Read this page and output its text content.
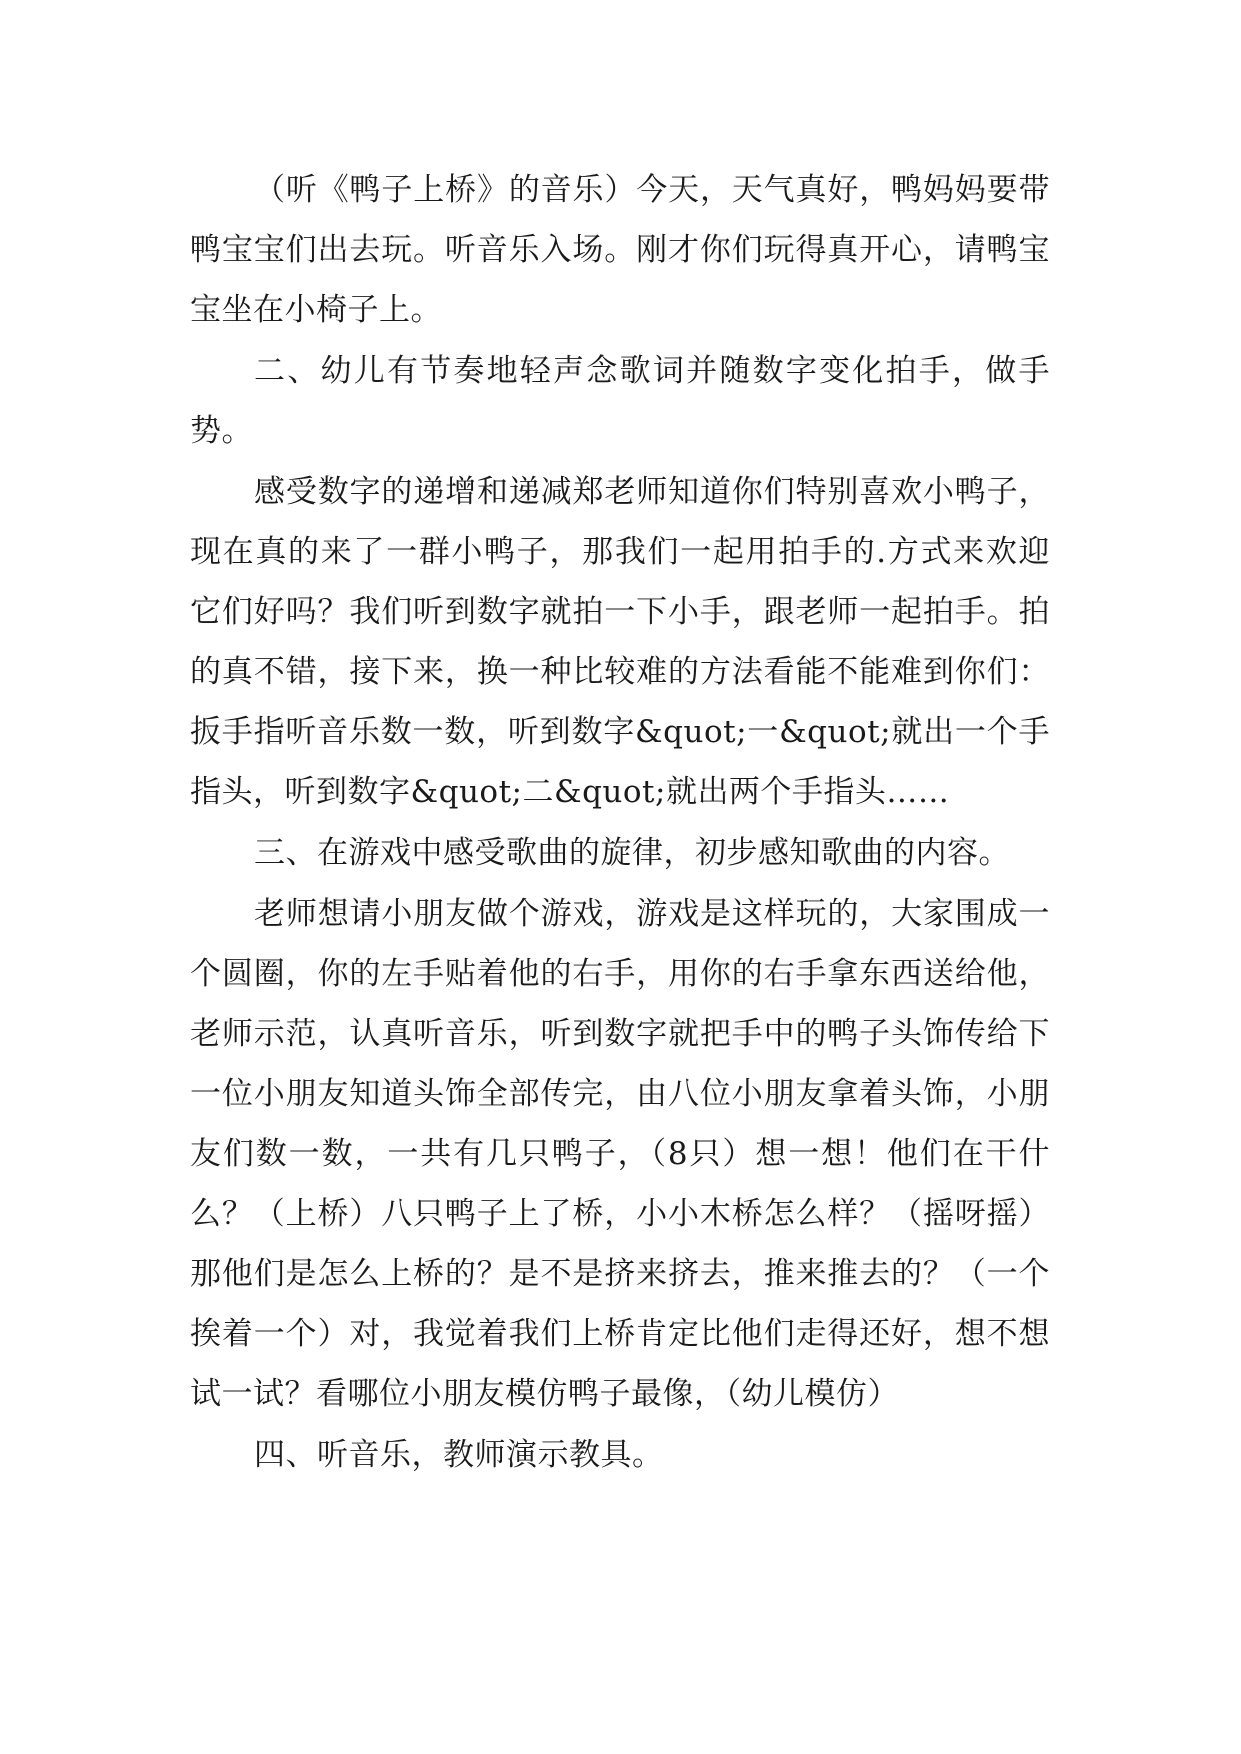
（听《鸭子上桥》的音乐）今天，天气真好，鸭妈妈要带鸭宝宝们出去玩。听音乐入场。刚才你们玩得真开心，请鸭宝宝坐在小椅子上。

二、幼儿有节奏地轻声念歌词并随数字变化拍手，做手势。

感受数字的递增和递减郑老师知道你们特别喜欢小鸭子，现在真的来了一群小鸭子，那我们一起用拍手的.方式来欢迎它们好吗？我们听到数字就拍一下小手，跟老师一起拍手。拍的真不错，接下来，换一种比较难的方法看能不能难到你们：扳手指听音乐数一数，听到数字&quot;一&quot;就出一个手指头，听到数字&quot;二&quot;就出两个手指头……

三、在游戏中感受歌曲的旋律，初步感知歌曲的内容。

老师想请小朋友做个游戏，游戏是这样玩的，大家围成一个圆圈，你的左手贴着他的右手，用你的右手拿东西送给他，老师示范，认真听音乐，听到数字就把手中的鸭子头饰传给下一位小朋友知道头饰全部传完，由八位小朋友拿着头饰，小朋友们数一数，一共有几只鸭子，（8只）想一想！他们在干什么？（上桥）八只鸭子上了桥，小小木桥怎么样？（摇呀摇） 那他们是怎么上桥的？是不是挤来挤去，推来推去的？（一个挨着一个）对，我觉着我们上桥肯定比他们走得还好，想不想试一试？看哪位小朋友模仿鸭子最像，（幼儿模仿）

四、听音乐，教师演示教具。
